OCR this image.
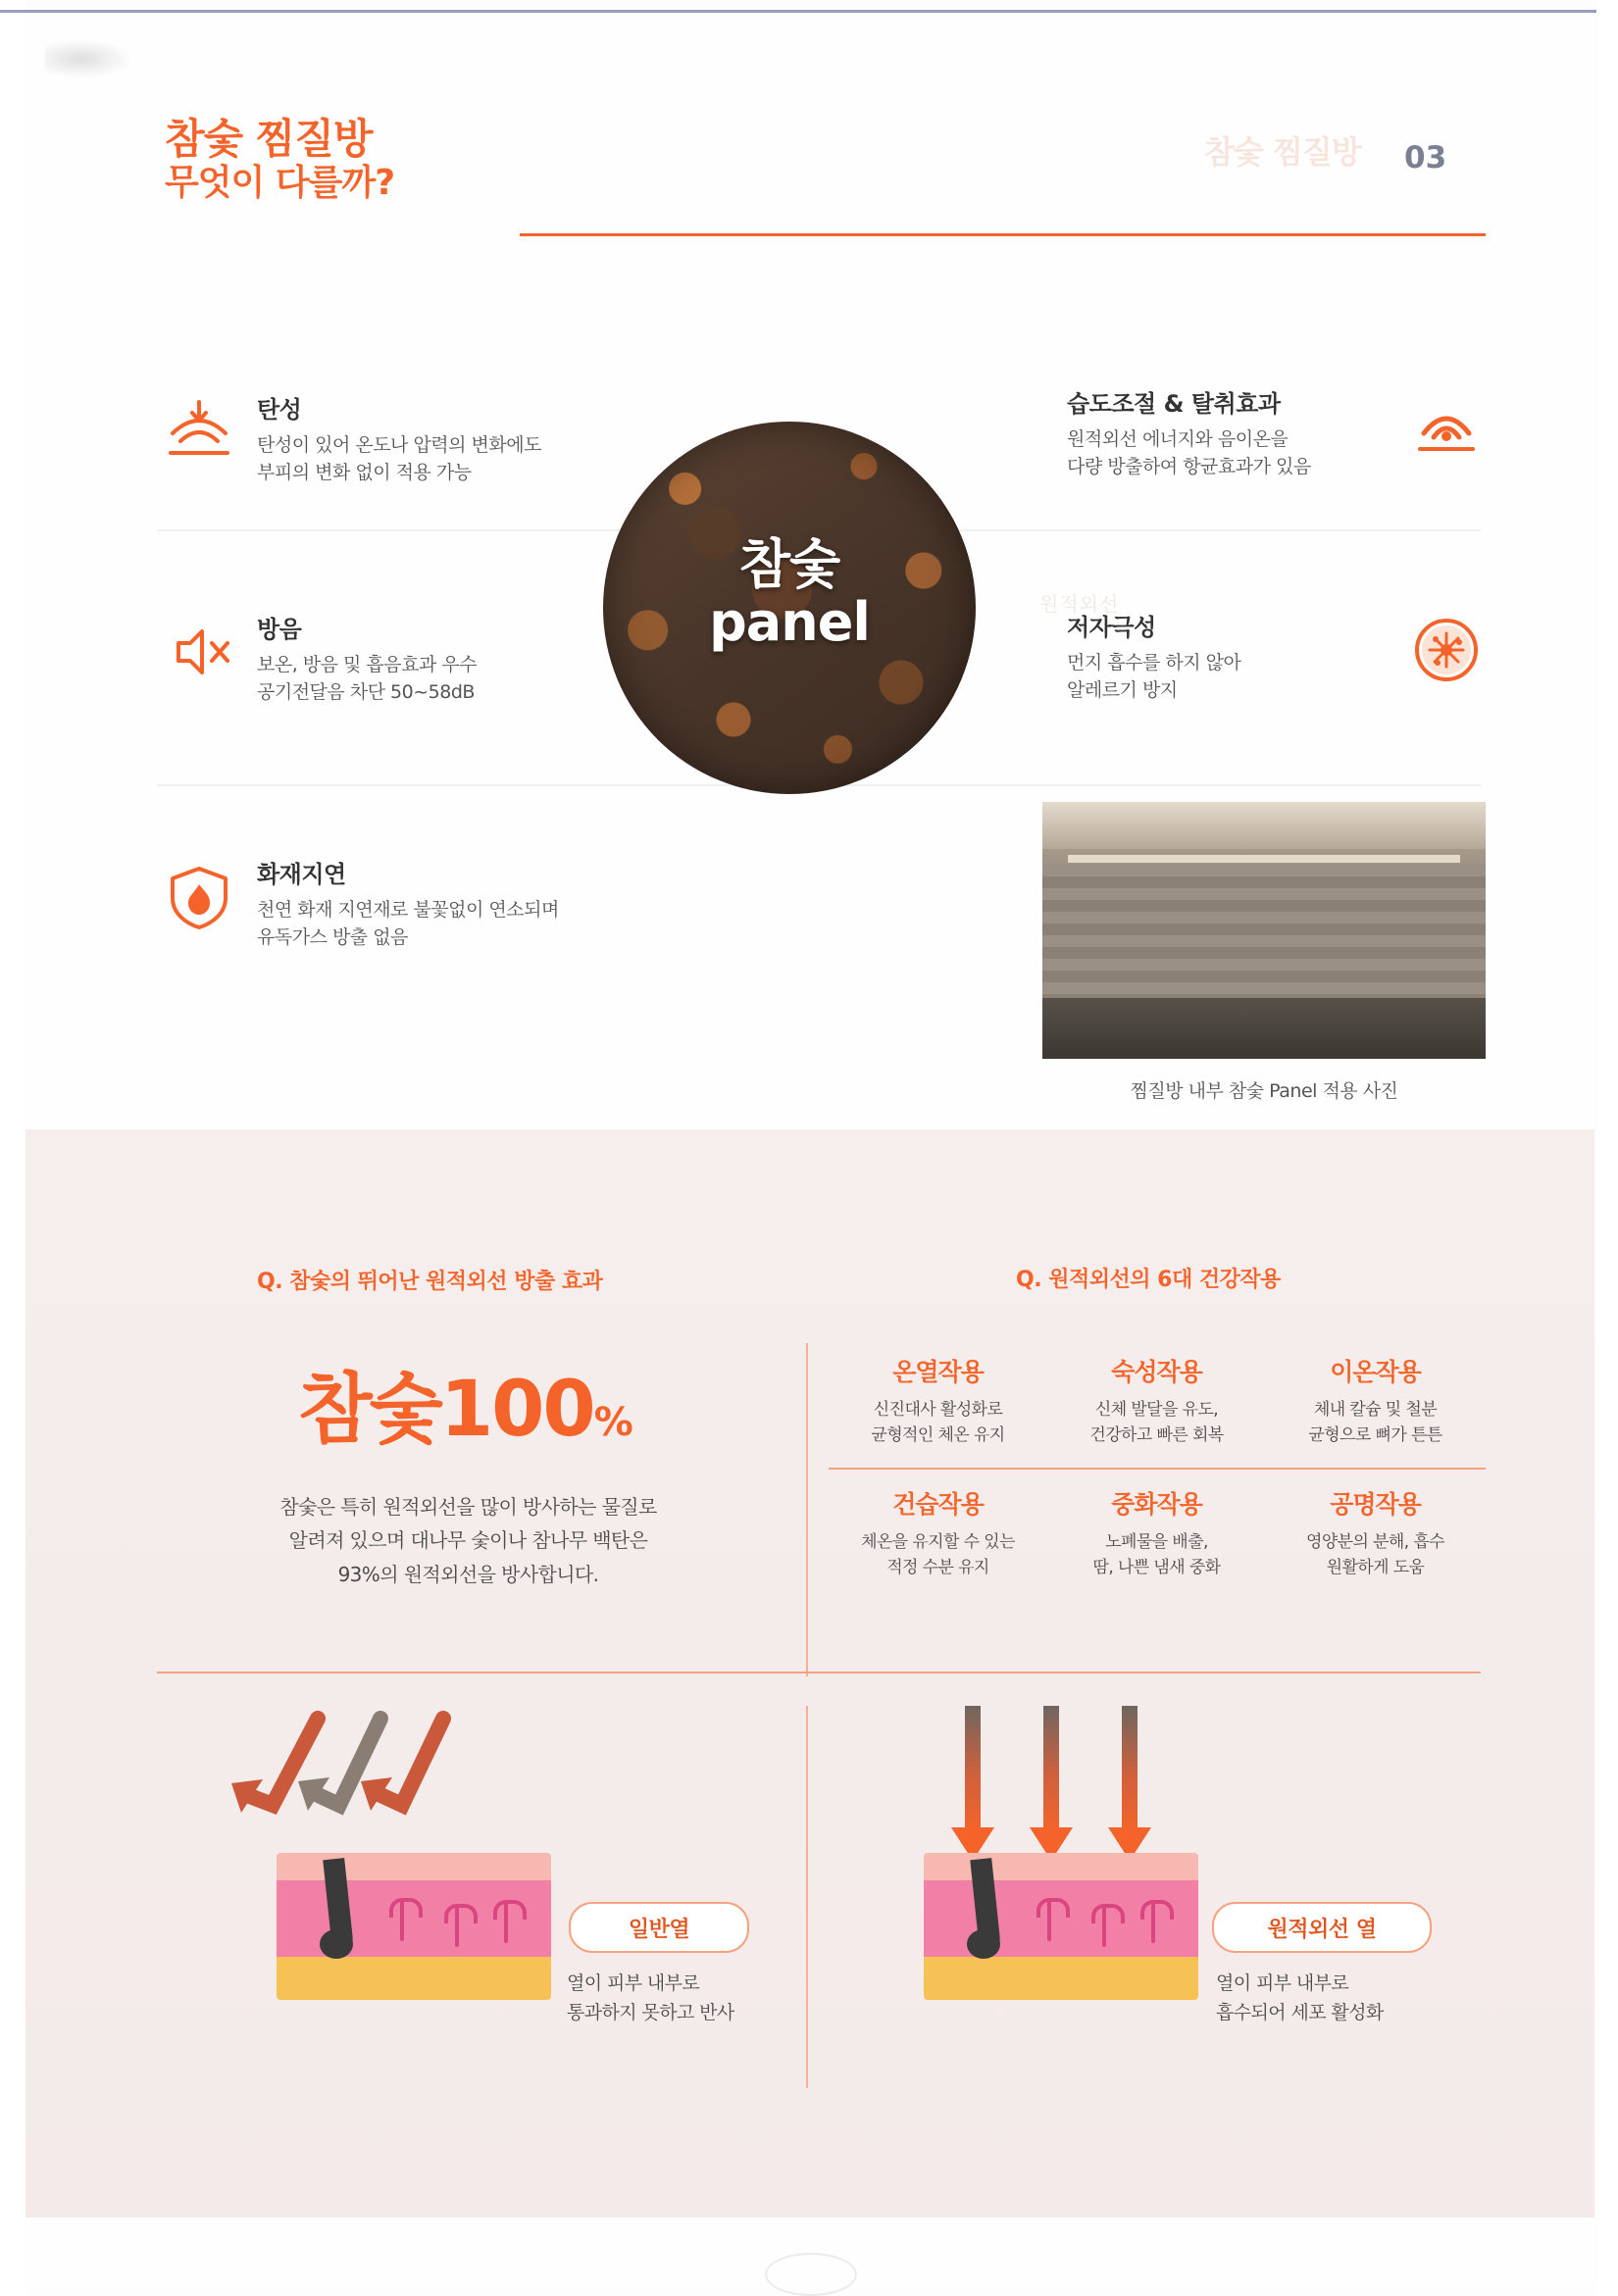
참숯 찜질방
원적외선
참숯 찜질방
무엇이 다를까?
03
탄성
탄성이 있어 온도나 압력의 변화에도
부피의 변화 없이 적용 가능
습도조절 & 탈취효과
원적외선 에너지와 음이온을
다량 방출하여 항균효과가 있음
방음
보온, 방음 및 흡음효과 우수
공기전달음 차단 50~58dB
저자극성
먼지 흡수를 하지 않아
알레르기 방지
화재지연
천연 화재 지연재로 불꽃없이 연소되며
유독가스 방출 없음
참숯
panel
찜질방 내부 참숯 Panel 적용 사진
Q. 참숯의 뛰어난 원적외선 방출 효과	Q. 원적외선의 6대 건강작용
참숯100%
참숯은 특히 원적외선을 많이 방사하는 물질로
알려져 있으며 대나무 숯이나 참나무 백탄은
93%의 원적외선을 방사합니다.
온열작용
신진대사 활성화로
균형적인 체온 유지
숙성작용
신체 발달을 유도,
건강하고 빠른 회복
이온작용
체내 칼슘 및 철분
균형으로 뼈가 튼튼
건습작용
체온을 유지할 수 있는
적정 수분 유지
중화작용
노폐물을 배출,
땀, 나쁜 냄새 중화
공명작용
영양분의 분해, 흡수
원활하게 도움
일반열
열이 피부 내부로
통과하지 못하고 반사
원적외선 열
열이 피부 내부로
흡수되어 세포 활성화
